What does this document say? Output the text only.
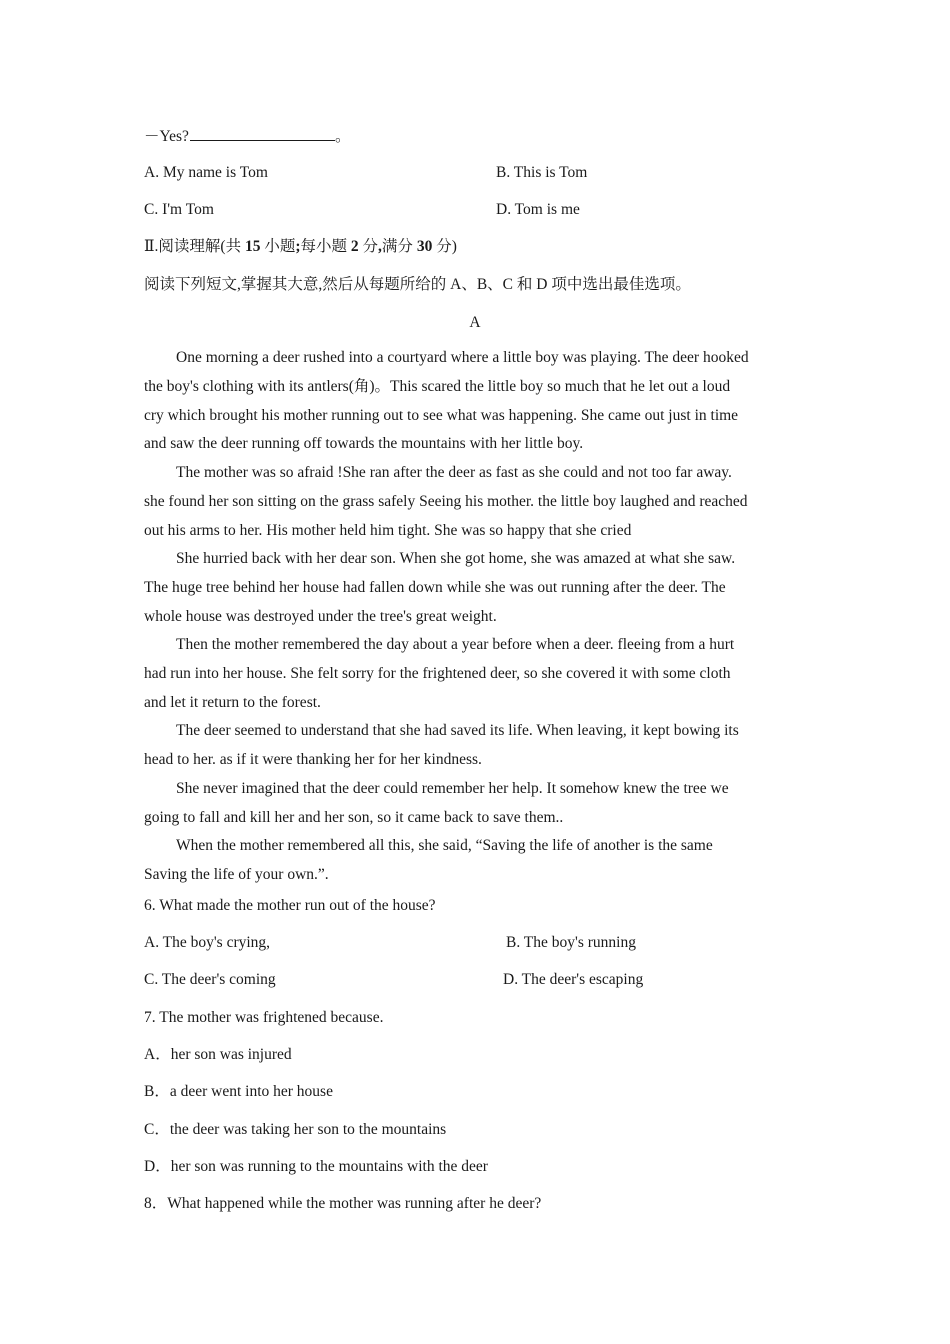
－Yes?	。
A. My name is Tom	B. This is Tom
C. I'm Tom	D. Tom is me
Ⅱ.阅读理解(共 15 小题;每小题 2 分,满分 30 分)
阅读下列短文,掌握其大意,然后从每题所给的 A、B、C 和 D 项中选出最佳选项。
A
One morning a deer rushed into a courtyard where a little boy was playing. The deer hooked
the boy's clothing with its antlers(角)。This scared the little boy so much that he let out a loud
cry which brought his mother running out to see what was happening. She came out just in time
and saw the deer running off towards the mountains with her little boy.
The mother was so afraid !She ran after the deer as fast as she could and not too far away.
she found her son sitting on the grass safely Seeing his mother. the little boy laughed and reached
out his arms to her. His mother held him tight. She was so happy that she cried
She hurried back with her dear son. When she got home, she was amazed at what she saw.
The huge tree behind her house had fallen down while she was out running after the deer. The
whole house was destroyed under the tree's great weight.
Then the mother remembered the day about a year before when a deer. fleeing from a hurt
had run into her house. She felt sorry for the frightened deer, so she covered it with some cloth
and let it return to the forest.
The deer seemed to understand that she had saved its life. When leaving, it kept bowing its
head to her. as if it were thanking her for her kindness.
She never imagined that the deer could remember her help. It somehow knew the tree we
going to fall and kill her and her son, so it came back to save them..
When the mother remembered all this, she said, “Saving the life of another is the same
Saving the life of your own.”.
6. What made the mother run out of the house?
A. The boy's crying,	B. The boy's running
C. The deer's coming	D. The deer's escaping
7. The mother was frightened because.
A．her son was injured
B．a deer went into her house
C．the deer was taking her son to the mountains
D．her son was running to the mountains with the deer
8．What happened while the mother was running after he deer?
